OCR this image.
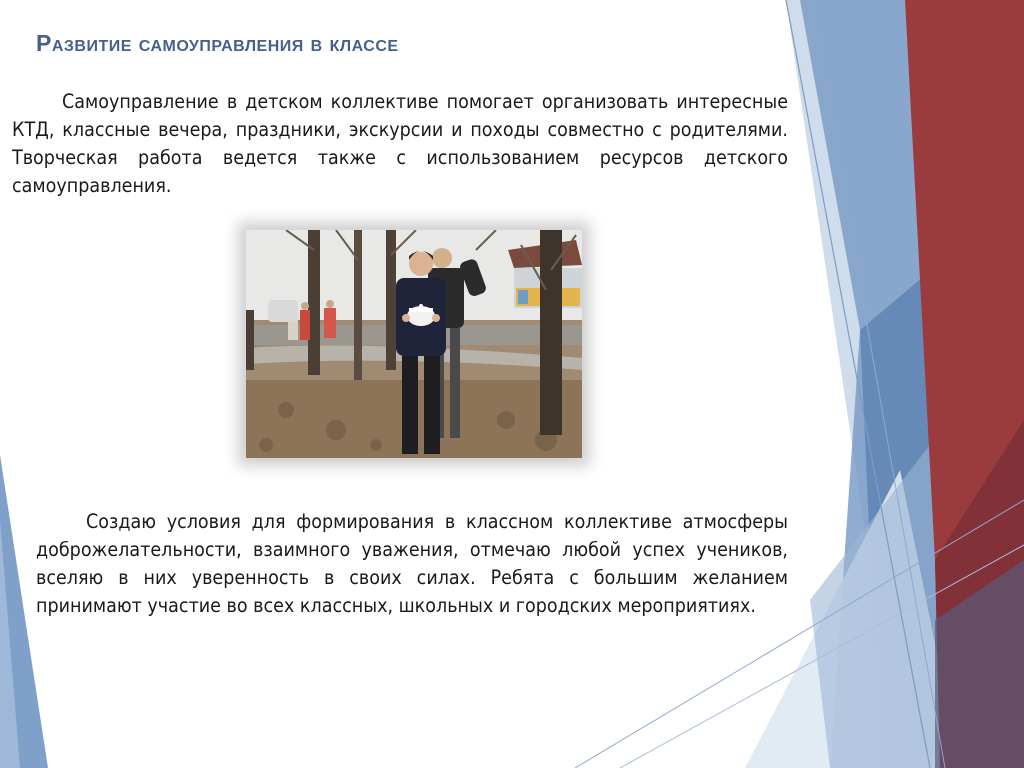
Развитие самоуправления в классе

Самоуправление в детском коллективе помогает организовать интересные КТД, классные вечера, праздники, экскурсии и походы совместно с родителями. Творческая работа ведется также с использованием ресурсов детского самоуправления.

Создаю условия для формирования в классном коллективе атмосферы доброжелательности, взаимного уважения, отмечаю любой успех учеников, вселяю в них уверенность в своих силах. Ребята с большим желанием принимают участие во всех классных, школьных и городских мероприятиях.
